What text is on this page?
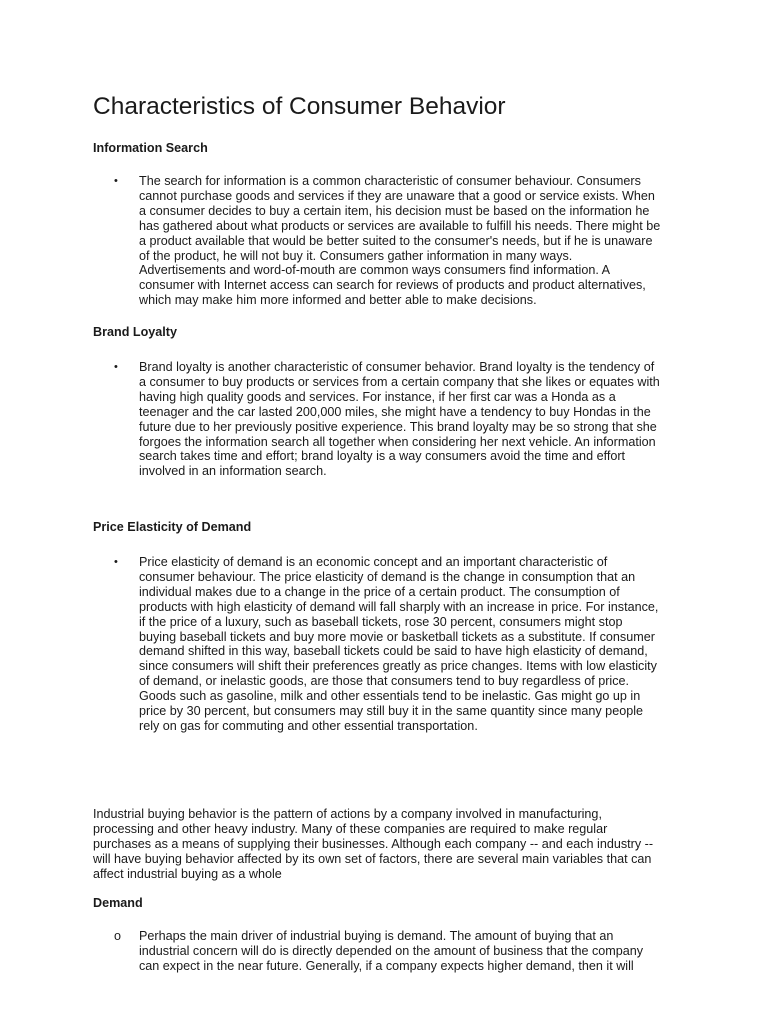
Characteristics of Consumer Behavior
Information Search
• The search for information is a common characteristic of consumer behaviour. Consumers
cannot purchase goods and services if they are unaware that a good or service exists. When
a consumer decides to buy a certain item, his decision must be based on the information he
has gathered about what products or services are available to fulfill his needs. There might be
a product available that would be better suited to the consumer's needs, but if he is unaware
of the product, he will not buy it. Consumers gather information in many ways.
Advertisements and word-of-mouth are common ways consumers find information. A
consumer with Internet access can search for reviews of products and product alternatives,
which may make him more informed and better able to make decisions.
Brand Loyalty
• Brand loyalty is another characteristic of consumer behavior. Brand loyalty is the tendency of
a consumer to buy products or services from a certain company that she likes or equates with
having high quality goods and services. For instance, if her first car was a Honda as a
teenager and the car lasted 200,000 miles, she might have a tendency to buy Hondas in the
future due to her previously positive experience. This brand loyalty may be so strong that she
forgoes the information search all together when considering her next vehicle. An information
search takes time and effort; brand loyalty is a way consumers avoid the time and effort
involved in an information search.
Price Elasticity of Demand
• Price elasticity of demand is an economic concept and an important characteristic of
consumer behaviour. The price elasticity of demand is the change in consumption that an
individual makes due to a change in the price of a certain product. The consumption of
products with high elasticity of demand will fall sharply with an increase in price. For instance,
if the price of a luxury, such as baseball tickets, rose 30 percent, consumers might stop
buying baseball tickets and buy more movie or basketball tickets as a substitute. If consumer
demand shifted in this way, baseball tickets could be said to have high elasticity of demand,
since consumers will shift their preferences greatly as price changes. Items with low elasticity
of demand, or inelastic goods, are those that consumers tend to buy regardless of price.
Goods such as gasoline, milk and other essentials tend to be inelastic. Gas might go up in
price by 30 percent, but consumers may still buy it in the same quantity since many people
rely on gas for commuting and other essential transportation.
Industrial buying behavior is the pattern of actions by a company involved in manufacturing,
processing and other heavy industry. Many of these companies are required to make regular
purchases as a means of supplying their businesses. Although each company -- and each industry --
will have buying behavior affected by its own set of factors, there are several main variables that can
affect industrial buying as a whole
Demand
o Perhaps the main driver of industrial buying is demand. The amount of buying that an
industrial concern will do is directly depended on the amount of business that the company
can expect in the near future. Generally, if a company expects higher demand, then it will
